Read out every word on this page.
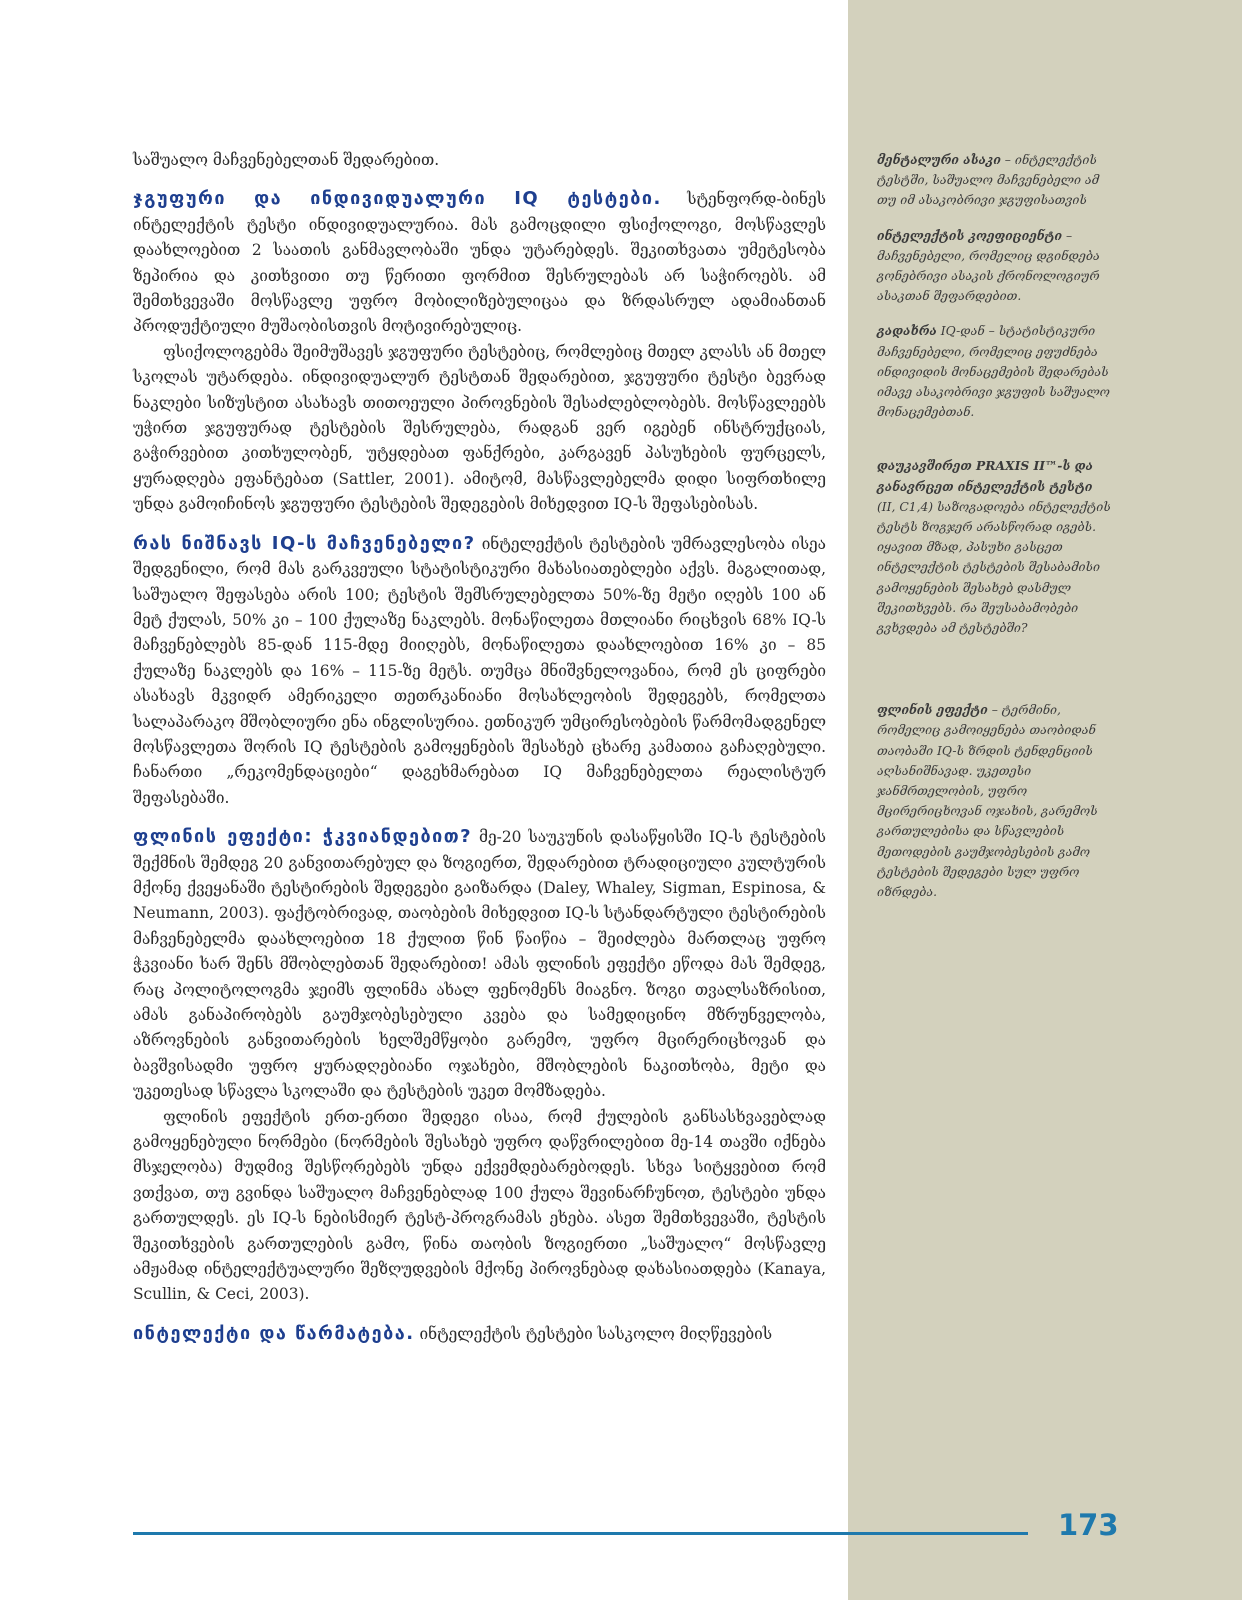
საშუალო მაჩვენებელთან შედარებით.

ჯგუფური და ინდივიდუალური IQ ტესტები. სტენფორდ-ბინეს ინტელექტის ტესტი ინდივიდუალურია. მას გამოცდილი ფსიქოლოგი, მოსწავლეს დაახლოებით 2 საათის განმავლობაში უნდა უტარებდეს. შეკითხვათა უმეტესობა ზეპირია და კითხვითი თუ წერითი ფორმით შესრულებას არ საჭიროებს. ამ შემთხვევაში მოსწავლე უფრო მობილიზებულიცაა და ზრდასრულ ადამიანთან პროდუქტიული მუშაობისთვის მოტივირებულიც.

ფსიქოლოგებმა შეიმუშავეს ჯგუფური ტესტებიც, რომლებიც მთელ კლასს ან მთელ სკოლას უტარდება. ინდივიდუალურ ტესტთან შედარებით, ჯგუფური ტესტი ბევრად ნაკლები სიზუსტით ასახავს თითოეული პიროვნების შესაძლებლობებს. მოსწავლეებს უჭირთ ჯგუფურად ტესტების შესრულება, რადგან ვერ იგებენ ინსტრუქციას, გაჭირვებით კითხულობენ, უტყდებათ ფანქრები, კარგავენ პასუხების ფურცელს, ყურადღება ეფანტებათ (Sattler, 2001). ამიტომ, მასწავლებელმა დიდი სიფრთხილე უნდა გამოიჩინოს ჯგუფური ტესტების შედეგების მიხედვით IQ-ს შეფასებისას.

რას ნიშნავს IQ-ს მაჩვენებელი? ინტელექტის ტესტების უმრავლესობა ისეა შედგენილი, რომ მას გარკვეული სტატისტიკური მახასიათებლები აქვს. მაგალითად, საშუალო შეფასება არის 100; ტესტის შემსრულებელთა 50%-ზე მეტი იღებს 100 ან მეტ ქულას, 50% კი – 100 ქულაზე ნაკლებს. მონაწილეთა მთლიანი რიცხვის 68% IQ-ს მაჩვენებლებს 85-დან 115-მდე მიიღებს, მონაწილეთა დაახლოებით 16% კი – 85 ქულაზე ნაკლებს და 16% – 115-ზე მეტს. თუმცა მნიშვნელოვანია, რომ ეს ციფრები ასახავს მკვიდრ ამერიკელი თეთრკანიანი მოსახლეობის შედეგებს, რომელთა სალაპარაკო მშობლიური ენა ინგლისურია. ეთნიკურ უმცირესობების წარმომადგენელ მოსწავლეთა შორის IQ ტესტების გამოყენების შესახებ ცხარე კამათია გაჩაღებული. ჩანართი „რეკომენდაციები“ დაგეხმარებათ IQ მაჩვენებელთა რეალისტურ შეფასებაში.

ფლინის ეფექტი: ჭკვიანდებით? მე-20 საუკუნის დასაწყისში IQ-ს ტესტების შექმნის შემდეგ 20 განვითარებულ და ზოგიერთ, შედარებით ტრადიციული კულტურის მქონე ქვეყანაში ტესტირების შედეგები გაიზარდა (Daley, Whaley, Sigman, Espinosa, & Neumann, 2003). ფაქტობრივად, თაობების მიხედვით IQ-ს სტანდარტული ტესტირების მაჩვენებელმა დაახლოებით 18 ქულით წინ წაიწია – შეიძლება მართლაც უფრო ჭკვიანი ხარ შენს მშობლებთან შედარებით! ამას ფლინის ეფექტი ეწოდა მას შემდეგ, რაც პოლიტოლოგმა ჯეიმს ფლინმა ახალ ფენომენს მიაგნო. ზოგი თვალსაზრისით, ამას განაპირობებს გაუმჯობესებული კვება და სამედიცინო მზრუნველობა, აზროვნების განვითარების ხელშემწყობი გარემო, უფრო მცირერიცხოვან და ბავშვისადმი უფრო ყურადღებიანი ოჯახები, მშობლების ნაკითხობა, მეტი და უკეთესად სწავლა სკოლაში და ტესტების უკეთ მომზადება.

ფლინის ეფექტის ერთ-ერთი შედეგი ისაა, რომ ქულების განსასხვავებლად გამოყენებული ნორმები (ნორმების შესახებ უფრო დაწვრილებით მე-14 თავში იქნება მსჯელობა) მუდმივ შესწორებებს უნდა ექვემდებარებოდეს. სხვა სიტყვებით რომ ვთქვათ, თუ გვინდა საშუალო მაჩვენებლად 100 ქულა შევინარჩუნოთ, ტესტები უნდა გართულდეს. ეს IQ-ს ნებისმიერ ტესტ-პროგრამას ეხება. ასეთ შემთხვევაში, ტესტის შეკითხვების გართულების გამო, წინა თაობის ზოგიერთი „საშუალო“ მოსწავლე ამჟამად ინტელექტუალური შეზღუდვების მქონე პიროვნებად დახასიათდება (Kanaya, Scullin, & Ceci, 2003).

ინტელექტი და წარმატება. ინტელექტის ტესტები სასკოლო მიღწევების

მენტალური ასაკი – ინტელექტის ტესტში, საშუალო მაჩვენებელი ამ თუ იმ ასაკობრივი ჯგუფისათვის
ინტელექტის კოეფიციენტი – მაჩვენებელი, რომელიც დგინდება გონებრივი ასაკის ქრონოლოგიურ ასაკთან შეფარდებით.
გადახრა IQ-დან – სტატისტიკური მაჩვენებელი, რომელიც ეფუძნება ინდივიდის მონაცემების შედარებას იმავე ასაკობრივი ჯგუფის საშუალო მონაცემებთან.
დაუკავშირეთ PRAXIS II™-ს და განავრცეთ ინტელექტის ტესტი (II, C1,4) საზოგადოება ინტელექტის ტესტს ზოგჯერ არასწორად იგებს. იყავით მზად, პასუხი გასცეთ ინტელექტის ტესტების შესაბამისი გამოყენების შესახებ დასმულ შეკითხვებს. რა შეუსაბამობები გვხვდება ამ ტესტებში?
ფლინის ეფექტი – ტერმინი, რომელიც გამოიყენება თაობიდან თაობაში IQ-ს ზრდის ტენდენციის აღსანიშნავად. უკეთესი ჯანმრთელობის, უფრო მცირერიცხოვან ოჯახის, გარემოს გართულებისა და სწავლების მეთოდების გაუმჯობესების გამო ტესტების შედეგები სულ უფრო იზრდება.
173
